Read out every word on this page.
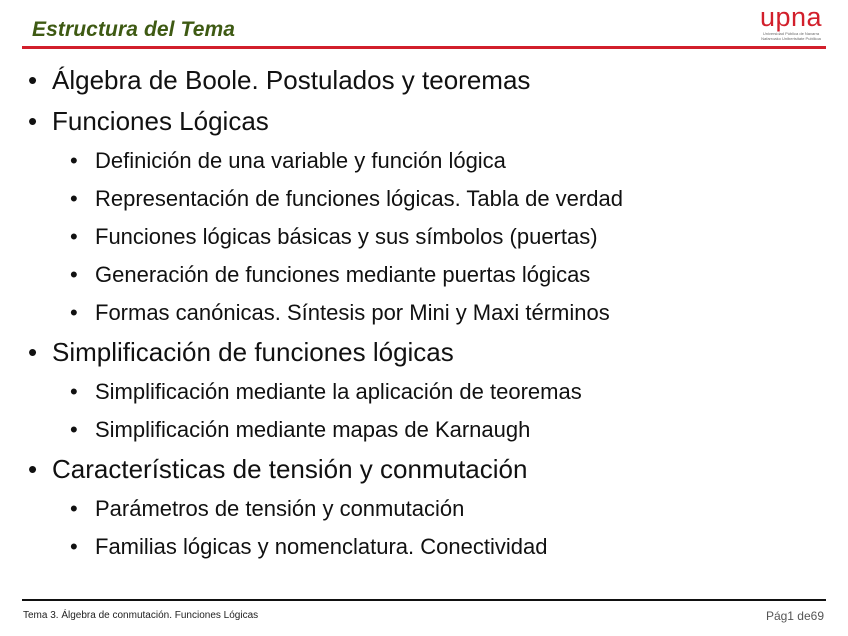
Estructura del Tema	upna
Universidad Pública de Navarra
Nafarroako Unibertsitate Publikoa
• Álgebra de Boole. Postulados y teoremas
• Funciones Lógicas
• Definición de una variable y función lógica
• Representación de funciones lógicas. Tabla de verdad
• Funciones lógicas básicas y sus símbolos (puertas)
• Generación de funciones mediante puertas lógicas
• Formas canónicas. Síntesis por Mini y Maxi términos
• Simplificación de funciones lógicas
• Simplificación mediante la aplicación de teoremas
• Simplificación mediante mapas de Karnaugh
• Características de tensión y conmutación
• Parámetros de tensión y conmutación
• Familias lógicas y nomenclatura. Conectividad
Tema 3. Álgebra de conmutación. Funciones Lógicas	Pág1 de69
